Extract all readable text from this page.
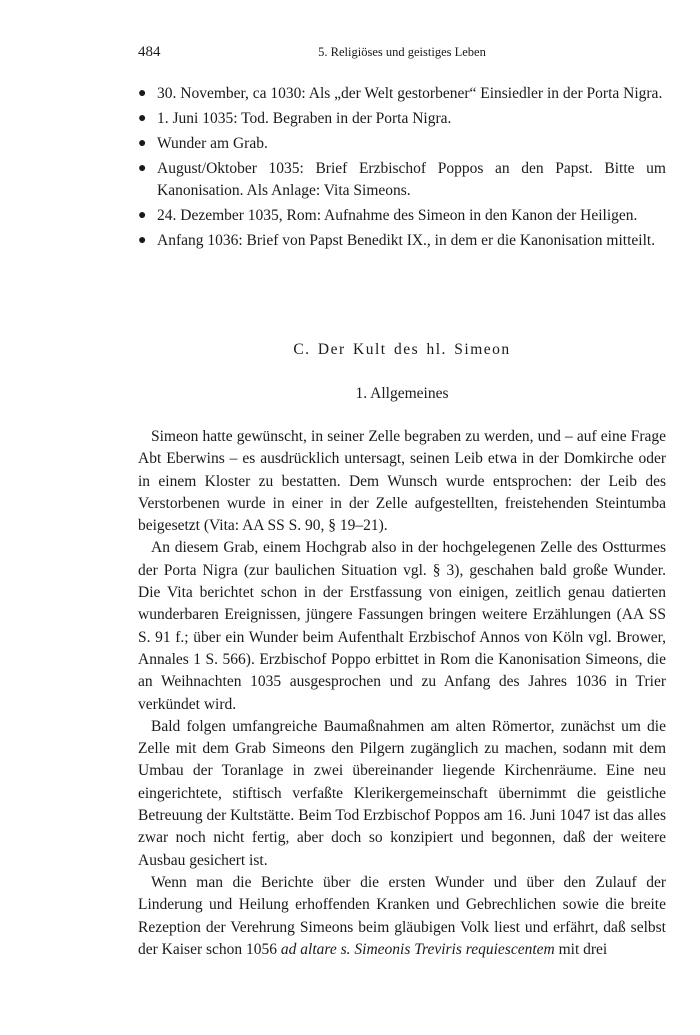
484	5. Religiöses und geistiges Leben
● 30. November, ca 1030: Als „der Welt gestorbener“ Einsiedler in der Porta Nigra.
● 1. Juni 1035: Tod. Begraben in der Porta Nigra.
● Wunder am Grab.
● August/Oktober 1035: Brief Erzbischof Poppos an den Papst. Bitte um Kanonisation. Als Anlage: Vita Simeons.
● 24. Dezember 1035, Rom: Aufnahme des Simeon in den Kanon der Heiligen.
● Anfang 1036: Brief von Papst Benedikt IX., in dem er die Kanonisation mitteilt.
C. Der Kult des hl. Simeon
1. Allgemeines

Simeon hatte gewünscht, in seiner Zelle begraben zu werden, und – auf eine Frage Abt Eberwins – es ausdrücklich untersagt, seinen Leib etwa in der Domkirche oder in einem Kloster zu bestatten. Dem Wunsch wurde entsprochen: der Leib des Verstorbenen wurde in einer in der Zelle aufgestellten, freistehenden Steintumba beigesetzt (Vita: AA SS S. 90, § 19–21).

An diesem Grab, einem Hochgrab also in der hochgelegenen Zelle des Ostturmes der Porta Nigra (zur baulichen Situation vgl. § 3), geschahen bald große Wunder. Die Vita berichtet schon in der Erstfassung von einigen, zeitlich genau datierten wunderbaren Ereignissen, jüngere Fassungen bringen weitere Erzählungen (AA SS S. 91 f.; über ein Wunder beim Aufenthalt Erzbischof Annos von Köln vgl. Brower, Annales 1 S. 566). Erzbischof Poppo erbittet in Rom die Kanonisation Simeons, die an Weihnachten 1035 ausgesprochen und zu Anfang des Jahres 1036 in Trier verkündet wird.

Bald folgen umfangreiche Baumaßnahmen am alten Römertor, zunächst um die Zelle mit dem Grab Simeons den Pilgern zugänglich zu machen, sodann mit dem Umbau der Toranlage in zwei übereinander liegende Kirchenräume. Eine neu eingerichtete, stiftisch verfaßte Klerikergemeinschaft übernimmt die geistliche Betreuung der Kultstätte. Beim Tod Erzbischof Poppos am 16. Juni 1047 ist das alles zwar noch nicht fertig, aber doch so konzipiert und begonnen, daß der weitere Ausbau gesichert ist.

Wenn man die Berichte über die ersten Wunder und über den Zulauf der Linderung und Heilung erhoffenden Kranken und Gebrechlichen sowie die breite Rezeption der Verehrung Simeons beim gläubigen Volk liest und erfährt, daß selbst der Kaiser schon 1056 ad altare s. Simeonis Treviris requiescentem mit drei
